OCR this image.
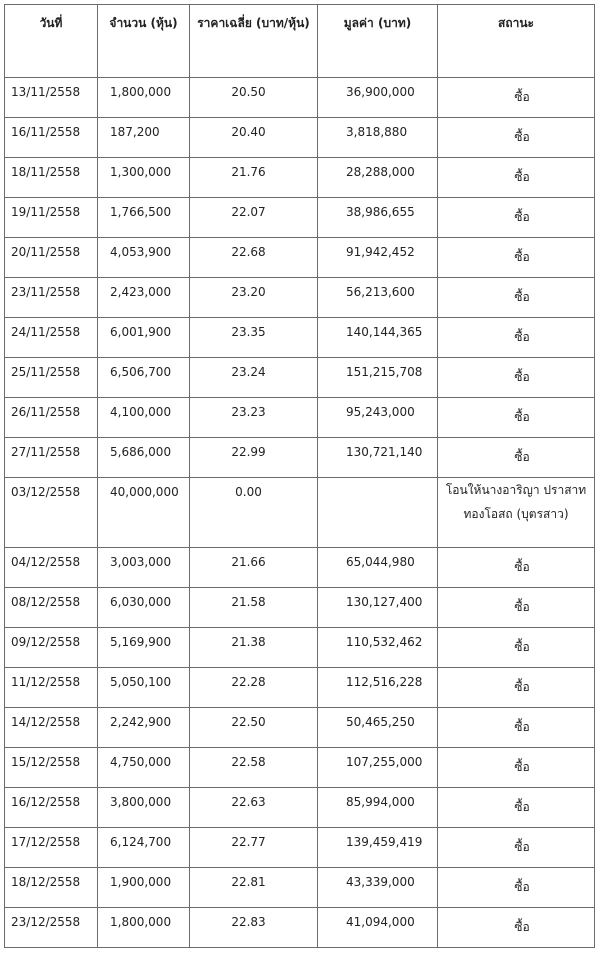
วันที่	จำนวน (หุ้น)	ราคาเฉลี่ย (บาท/หุ้น)	มูลค่า (บาท)	สถานะ
13/11/2558	1,800,000	20.50	36,900,000	ซื้อ
16/11/2558	187,200	20.40	3,818,880	ซื้อ
18/11/2558	1,300,000	21.76	28,288,000	ซื้อ
19/11/2558	1,766,500	22.07	38,986,655	ซื้อ
20/11/2558	4,053,900	22.68	91,942,452	ซื้อ
23/11/2558	2,423,000	23.20	56,213,600	ซื้อ
24/11/2558	6,001,900	23.35	140,144,365	ซื้อ
25/11/2558	6,506,700	23.24	151,215,708	ซื้อ
26/11/2558	4,100,000	23.23	95,243,000	ซื้อ
27/11/2558	5,686,000	22.99	130,721,140	ซื้อ
03/12/2558	40,000,000	0.00		โอนให้นางอาริญา ปราสาททองโอสถ (บุตรสาว)
04/12/2558	3,003,000	21.66	65,044,980	ซื้อ
08/12/2558	6,030,000	21.58	130,127,400	ซื้อ
09/12/2558	5,169,900	21.38	110,532,462	ซื้อ
11/12/2558	5,050,100	22.28	112,516,228	ซื้อ
14/12/2558	2,242,900	22.50	50,465,250	ซื้อ
15/12/2558	4,750,000	22.58	107,255,000	ซื้อ
16/12/2558	3,800,000	22.63	85,994,000	ซื้อ
17/12/2558	6,124,700	22.77	139,459,419	ซื้อ
18/12/2558	1,900,000	22.81	43,339,000	ซื้อ
23/12/2558	1,800,000	22.83	41,094,000	ซื้อ
